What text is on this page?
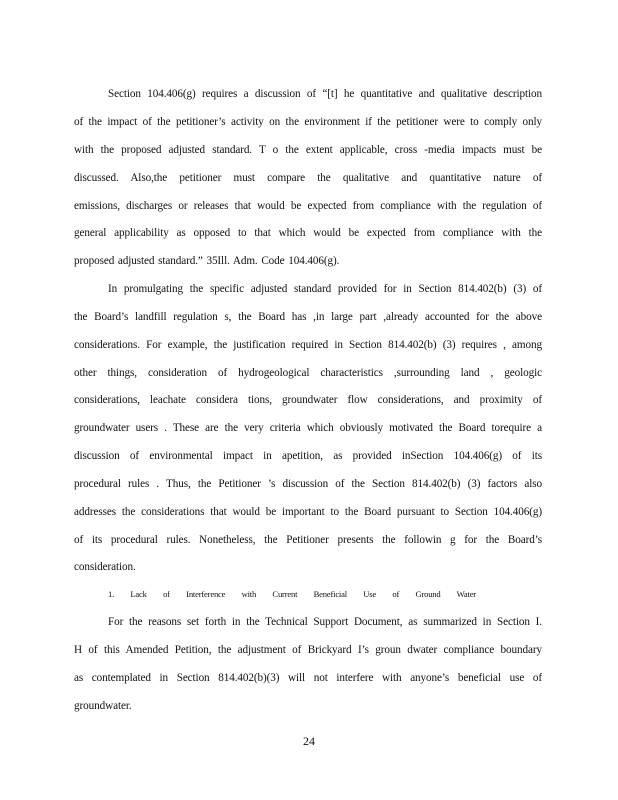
Section 104.406(g) requires a discussion of “[t] he quantitative and qualitative description
of the impact of the petitioner’s activity on the environment if the petitioner were to comply only
with the proposed adjusted standard. T o the extent applicable, cross -media impacts must be
discussed. Also,the petitioner must compare the qualitative and quantitative nature of
emissions, discharges or releases that would be expected from compliance with the regulation of
general applicability as opposed to that which would be expected from compliance with the
proposed adjusted standard.” 35Ill. Adm. Code 104.406(g).
In promulgating the specific adjusted standard provided for in Section 814.402(b) (3) of
the Board’s landfill regulation s, the Board has ,in large part ,already accounted for the above
considerations. For example, the justification required in Section 814.402(b) (3) requires , among
other things, consideration of hydrogeological characteristics ,surrounding land , geologic
considerations, leachate considera tions, groundwater flow considerations, and proximity of
groundwater users . These are the very criteria which obviously motivated the Board torequire a
discussion of environmental impact in apetition, as provided inSection 104.406(g) of its
procedural rules . Thus, the Petitioner ’s discussion of the Section 814.402(b) (3) factors also
addresses the considerations that would be important to the Board pursuant to Section 104.406(g)
of its procedural rules. Nonetheless, the Petitioner presents the followin g for the Board’s
consideration.
1. Lack of Interference with Current Beneficial Use of Ground Water
For the reasons set forth in the Technical Support Document, as summarized in Section I.
H of this Amended Petition, the adjustment of Brickyard I’s groun dwater compliance boundary
as contemplated in Section 814.402(b)(3) will not interfere with anyone’s beneficial use of
groundwater.
24
